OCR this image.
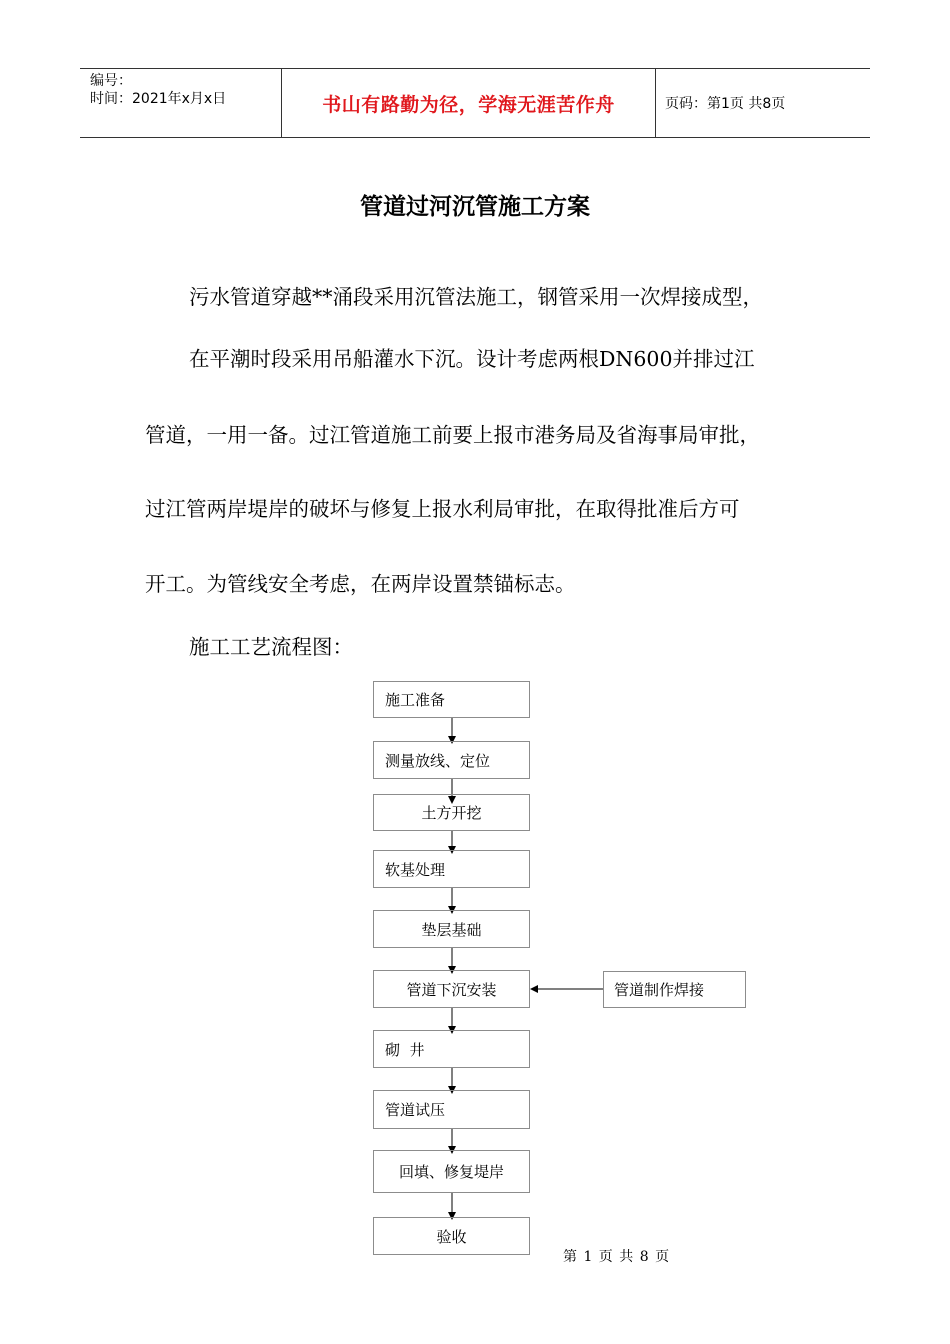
编号：
时间：2021年x月x日	书山有路勤为径，学海无涯苦作舟	页码：第1页 共8页
管道过河沉管施工方案
污水管道穿越**涌段采用沉管法施工，钢管采用一次焊接成型，
在平潮时段采用吊船灌水下沉。设计考虑两根DN600并排过江
管道，一用一备。过江管道施工前要上报市港务局及省海事局审批，
过江管两岸堤岸的破坏与修复上报水利局审批，在取得批准后方可
开工。为管线安全考虑，在两岸设置禁锚标志。
施工工艺流程图：
施工准备
测量放线、定位
土方开挖
软基处理
垫层基础
管道下沉安装
砌  井
管道试压
回填、修复堤岸
验收
管道制作焊接
第 1 页 共 8 页
